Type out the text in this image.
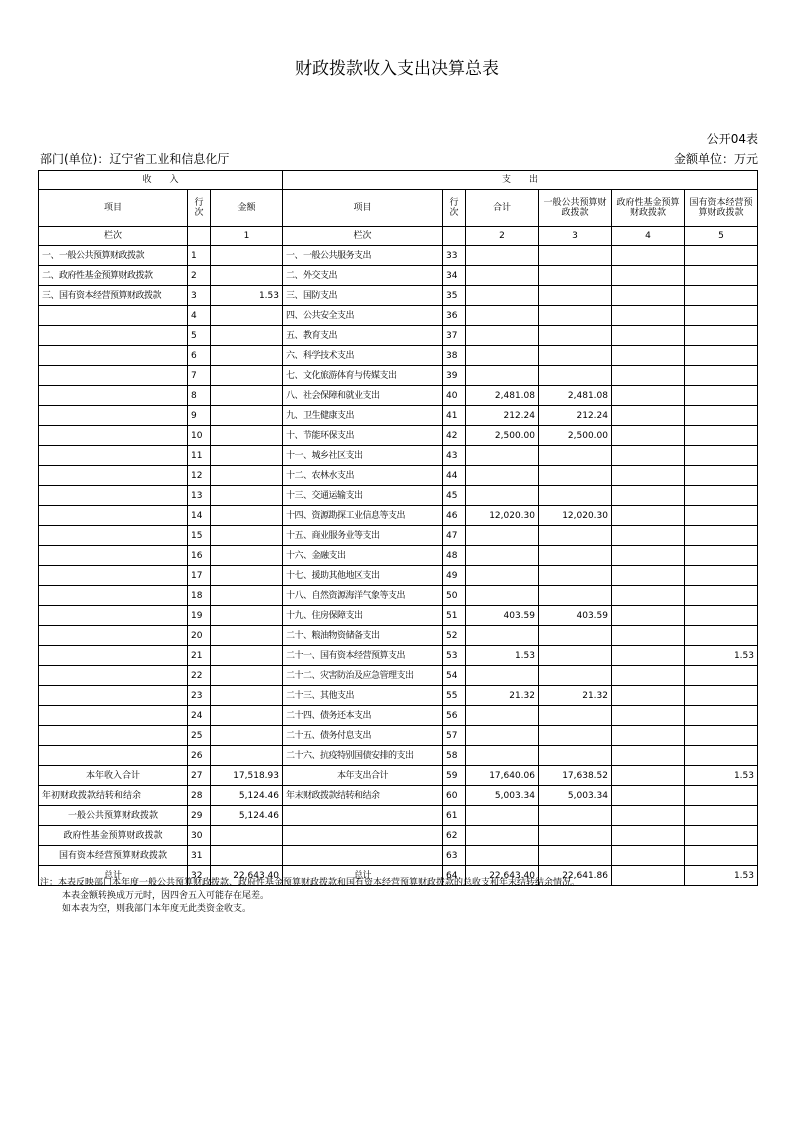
财政拨款收入支出决算总表
公开04表
部门(单位)：辽宁省工业和信息化厅	金额单位：万元
收　　入			支　　出					
项目	行次	金额	项目	行次	合计	一般公共预算财政拨款	政府性基金预算财政拨款	国有资本经营预算财政拨款
栏次		1	栏次		2	3	4	5
一、一般公共预算财政拨款	1		一、一般公共服务支出	33				
二、政府性基金预算财政拨款	2		二、外交支出	34				
三、国有资本经营预算财政拨款	3	1.53	三、国防支出	35				
	4		四、公共安全支出	36				
	5		五、教育支出	37				
	6		六、科学技术支出	38				
	7		七、文化旅游体育与传媒支出	39				
	8		八、社会保障和就业支出	40	2,481.08	2,481.08		
	9		九、卫生健康支出	41	212.24	212.24		
	10		十、节能环保支出	42	2,500.00	2,500.00		
	11		十一、城乡社区支出	43				
	12		十二、农林水支出	44				
	13		十三、交通运输支出	45				
	14		十四、资源勘探工业信息等支出	46	12,020.30	12,020.30		
	15		十五、商业服务业等支出	47				
	16		十六、金融支出	48				
	17		十七、援助其他地区支出	49				
	18		十八、自然资源海洋气象等支出	50				
	19		十九、住房保障支出	51	403.59	403.59		
	20		二十、粮油物资储备支出	52				
	21		二十一、国有资本经营预算支出	53	1.53			1.53
	22		二十二、灾害防治及应急管理支出	54				
	23		二十三、其他支出	55	21.32	21.32		
	24		二十四、债务还本支出	56				
	25		二十五、债务付息支出	57				
	26		二十六、抗疫特别国债安排的支出	58				
本年收入合计	27	17,518.93	本年支出合计	59	17,640.06	17,638.52		1.53
年初财政拨款结转和结余	28	5,124.46	年末财政拨款结转和结余	60	5,003.34	5,003.34		
一般公共预算财政拨款	29	5,124.46		61				
政府性基金预算财政拨款	30			62				
国有资本经营预算财政拨款	31			63				
总计	32	22,643.40	总计	64	22,643.40	22,641.86		1.53
注：本表反映部门本年度一般公共预算财政拨款、政府性基金预算财政拨款和国有资本经营预算财政拨款的总收支和年末结转结余情况。
本表金额转换成万元时，因四舍五入可能存在尾差。
如本表为空，则我部门本年度无此类资金收支。
